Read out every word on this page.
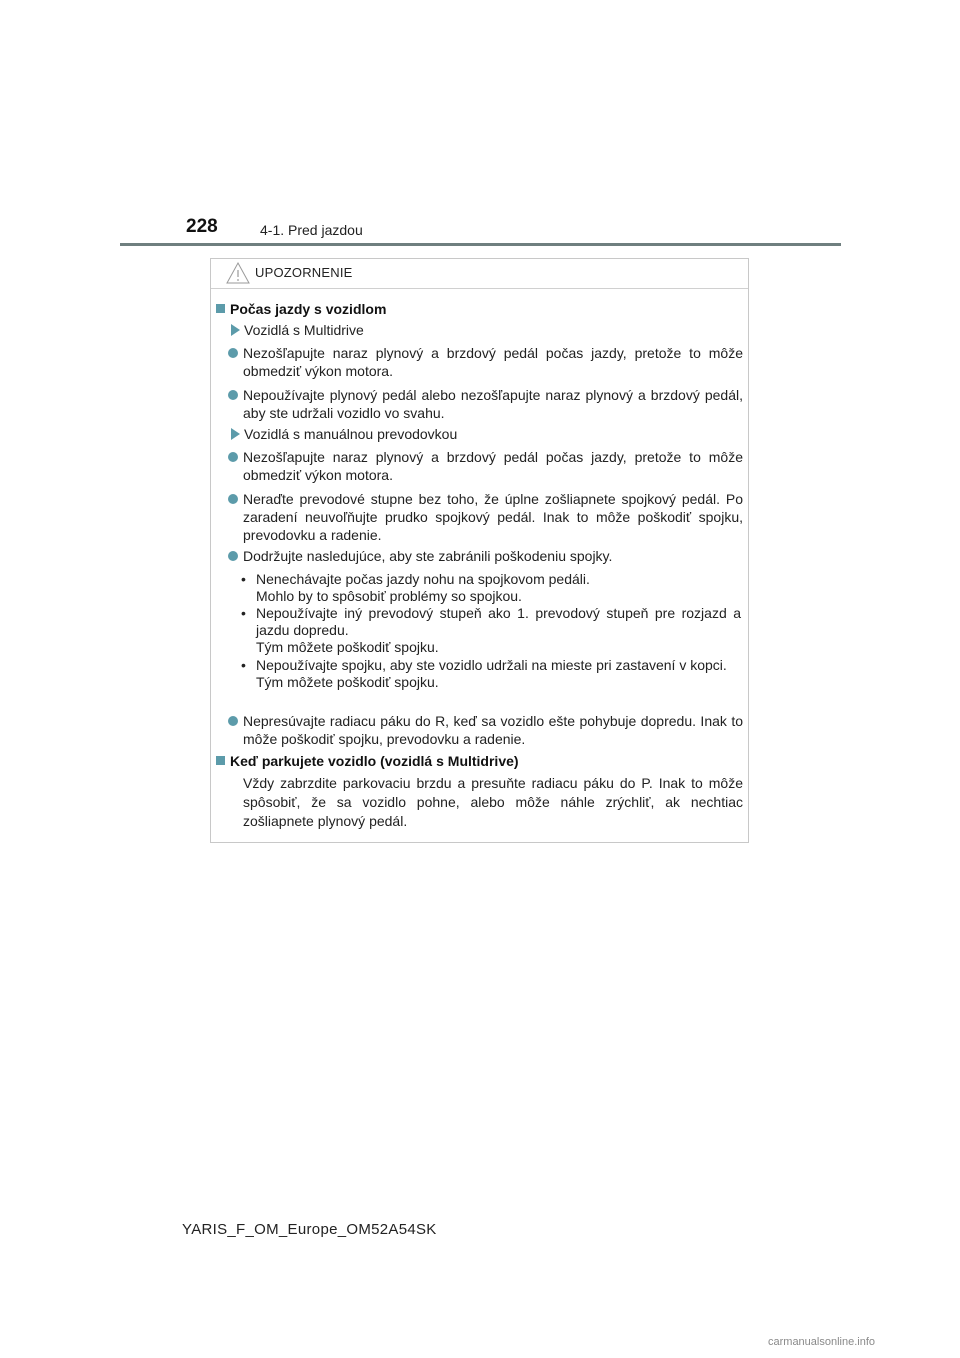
228	4-1. Pred jazdou
UPOZORNENIE
Počas jazdy s vozidlom
Vozidlá s Multidrive
Nezošľapujte naraz plynový a brzdový pedál počas jazdy, pretože to môže obmedziť výkon motora.
Nepoužívajte plynový pedál alebo nezošľapujte naraz plynový a brzdový pedál, aby ste udržali vozidlo vo svahu.
Vozidlá s manuálnou prevodovkou
Nezošľapujte naraz plynový a brzdový pedál počas jazdy, pretože to môže obmedziť výkon motora.
Neraďte prevodové stupne bez toho, že úplne zošliapnete spojkový pedál. Po zaradení neuvoľňujte prudko spojkový pedál. Inak to môže poškodiť spojku, prevodovku a radenie.
Dodržujte nasledujúce, aby ste zabránili poškodeniu spojky.
• Nenechávajte počas jazdy nohu na spojkovom pedáli.
Mohlo by to spôsobiť problémy so spojkou.
• Nepoužívajte iný prevodový stupeň ako 1. prevodový stupeň pre rozjazd a jazdu dopredu.
Tým môžete poškodiť spojku.
• Nepoužívajte spojku, aby ste vozidlo udržali na mieste pri zastavení v kopci.
Tým môžete poškodiť spojku.
Nepresúvajte radiacu páku do R, keď sa vozidlo ešte pohybuje dopredu. Inak to môže poškodiť spojku, prevodovku a radenie.
Keď parkujete vozidlo (vozidlá s Multidrive)
Vždy zabrzdite parkovaciu brzdu a presuňte radiacu páku do P. Inak to môže spôsobiť, že sa vozidlo pohne, alebo môže náhle zrýchliť, ak nechtiac zošliapnete plynový pedál.
YARIS_F_OM_Europe_OM52A54SK
carmanualsonline.info
